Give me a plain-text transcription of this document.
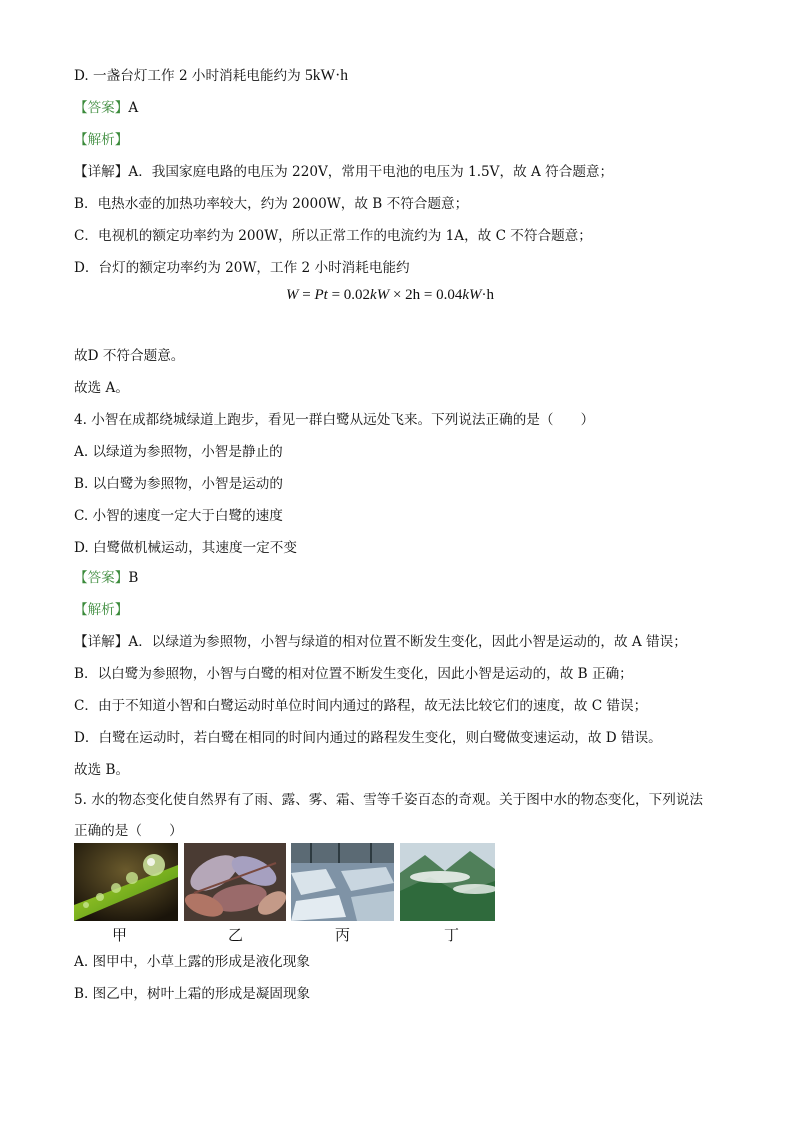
D. 一盏台灯工作 2 小时消耗电能约为 5kW·h
【答案】A
【解析】
【详解】A．我国家庭电路的电压为 220V，常用干电池的电压为 1.5V，故 A 符合题意；
B．电热水壶的加热功率较大，约为 2000W，故 B 不符合题意；
C．电视机的额定功率约为 200W，所以正常工作的电流约为 1A，故 C 不符合题意；
D．台灯的额定功率约为 20W，工作 2 小时消耗电能约
W = Pt = 0.02kW × 2h = 0.04kW·h
故D 不符合题意。
故选 A。
4. 小智在成都绕城绿道上跑步，看见一群白鹭从远处飞来。下列说法正确的是（　　）
A. 以绿道为参照物，小智是静止的
B. 以白鹭为参照物，小智是运动的
C. 小智的速度一定大于白鹭的速度
D. 白鹭做机械运动，其速度一定不变
【答案】B
【解析】
【详解】A．以绿道为参照物，小智与绿道的相对位置不断发生变化，因此小智是运动的，故 A 错误；
B．以白鹭为参照物，小智与白鹭的相对位置不断发生变化，因此小智是运动的，故 B 正确；
C．由于不知道小智和白鹭运动时单位时间内通过的路程，故无法比较它们的速度，故 C 错误；
D．白鹭在运动时，若白鹭在相同的时间内通过的路程发生变化，则白鹭做变速运动，故 D 错误。
故选 B。
5. 水的物态变化使自然界有了雨、露、雾、霜、雪等千姿百态的奇观。关于图中水的物态变化，下列说法
正确的是（　　）
甲	乙	丙	丁
A. 图甲中，小草上露的形成是液化现象
B. 图乙中，树叶上霜的形成是凝固现象
